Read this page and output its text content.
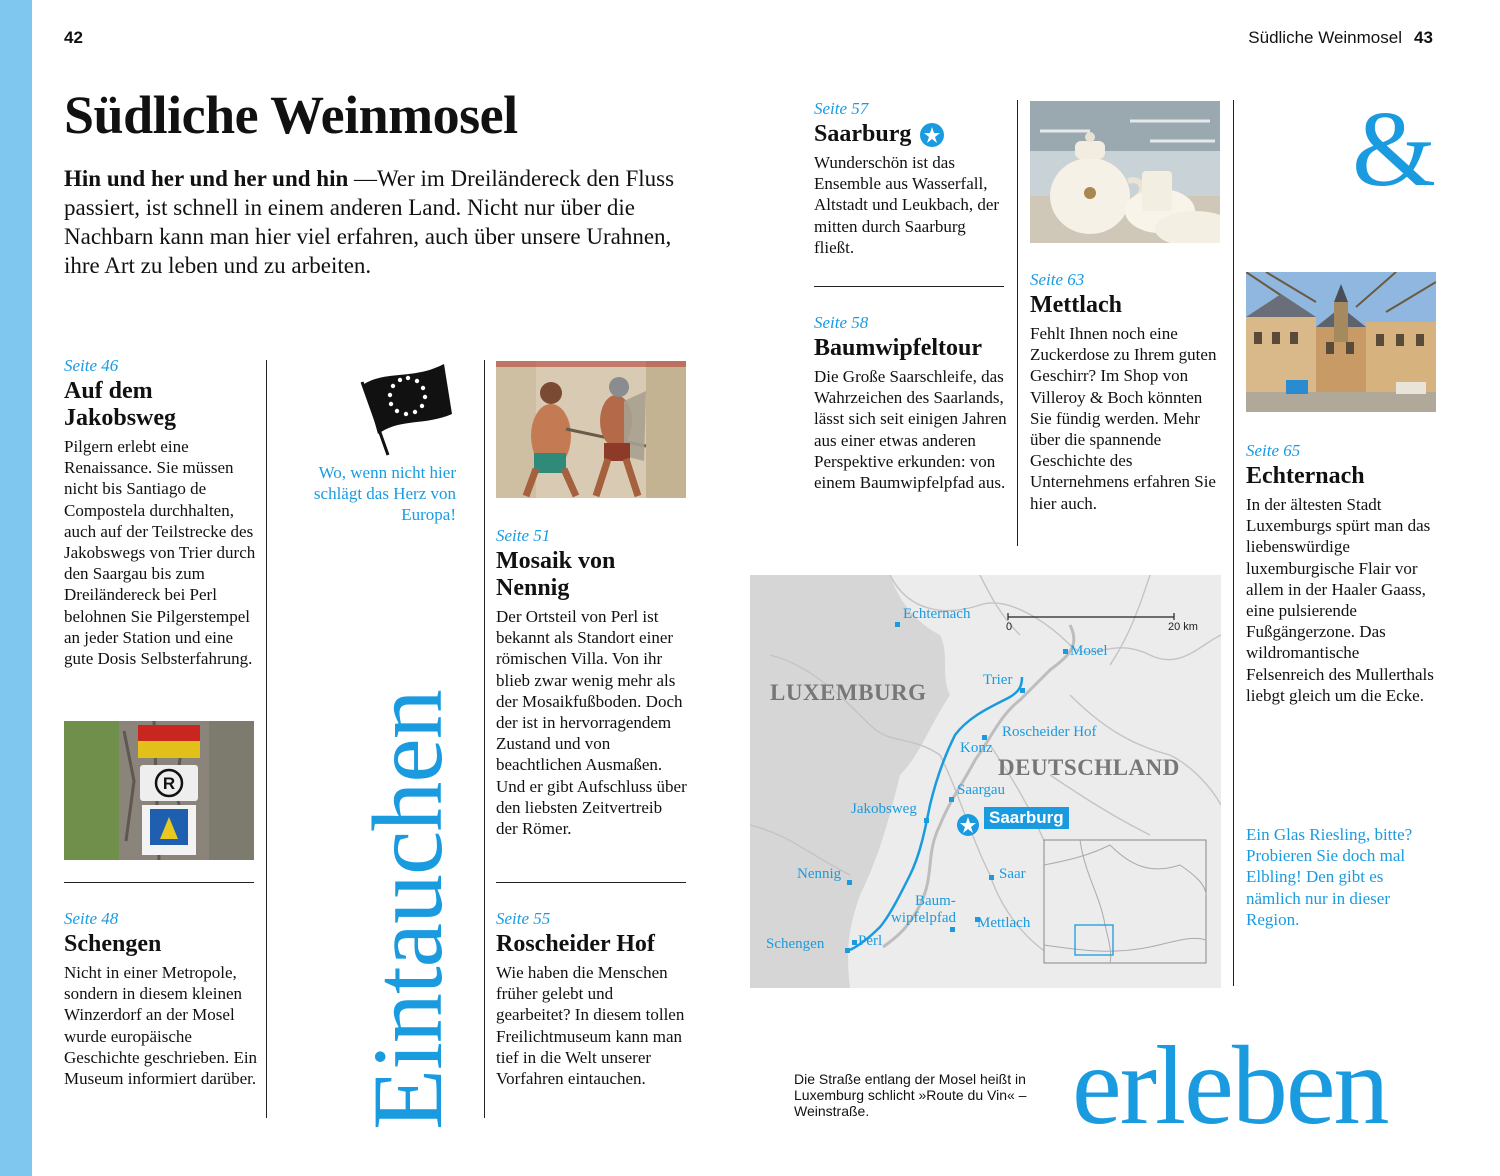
42	Südliche Weinmosel 43
Südliche Weinmosel
Hin und her und her und hin —Wer im Dreiländereck den Fluss passiert, ist schnell in einem anderen Land. Nicht nur über die Nachbarn kann man hier viel erfahren, auch über unsere Urahnen, ihre Art zu leben und zu arbeiten.
Seite 46
Auf dem Jakobsweg
Pilgern erlebt eine Renaissance. Sie müssen nicht bis Santiago de Compostela durchhalten, auch auf der Teilstrecke des Jakobswegs von Trier durch den Saargau bis zum Dreiländereck bei Perl belohnen Sie Pilgerstempel an jeder Station und eine gute Dosis Selbsterfahrung.
R
Seite 48
Schengen
Nicht in einer Metropole, sondern in diesem kleinen Winzerdorf an der Mosel wurde europäische Geschichte geschrieben. Ein Museum informiert darüber.
Wo, wenn nicht hier schlägt das Herz von Europa!
Eintauchen
Seite 51
Mosaik von Nennig
Der Ortsteil von Perl ist bekannt als Standort einer römischen Villa. Von ihr blieb zwar wenig mehr als der Mosaikfußboden. Doch der ist in hervorragendem Zustand und von beachtlichen Ausmaßen. Und er gibt Aufschluss über den liebsten Zeitvertreib der Römer.
Seite 55
Roscheider Hof
Wie haben die Menschen früher gelebt und gearbeitet? In diesem tollen Freilichtmuseum kann man tief in die Welt unserer Vorfahren eintauchen.
Seite 57
Saarburg
Wunderschön ist das Ensemble aus Wasserfall, Altstadt und Leukbach, der mitten durch Saarburg fließt.
Seite 58
Baumwipfeltour
Die Große Saarschleife, das Wahrzeichen des Saarlands, lässt sich seit einigen Jahren aus einer etwas anderen Perspektive erkunden: von einem Baumwipfelpfad aus.
Seite 63
Mettlach
Fehlt Ihnen noch eine Zuckerdose zu Ihrem guten Geschirr? Im Shop von Villeroy & Boch könnten Sie fündig werden. Mehr über die spannende Geschichte des Unternehmens erfahren Sie hier auch.
&
Seite 65
Echternach
In der ältesten Stadt Luxemburgs spürt man das liebenswürdige luxemburgische Flair vor allem in der Haaler Gaass, eine pulsierende Fußgängerzone. Das wildromantische Felsenreich des Mullerthals liebgt gleich um die Ecke.
Ein Glas Riesling, bitte? Probieren Sie doch mal Elbling! Den gibt es nämlich nur in dieser Region.
LUXEMBURG
DEUTSCHLAND
Echternach
Mosel
Trier
Roscheider Hof
Konz
Saargau
Jakobsweg	Saarburg
Nennig	Saar
Baum-
wipfelpfad Mettlach
Schengen Perl
0	20 km
Die Straße entlang der Mosel heißt in Luxemburg schlicht »Route du Vin« – Weinstraße.	erleben
